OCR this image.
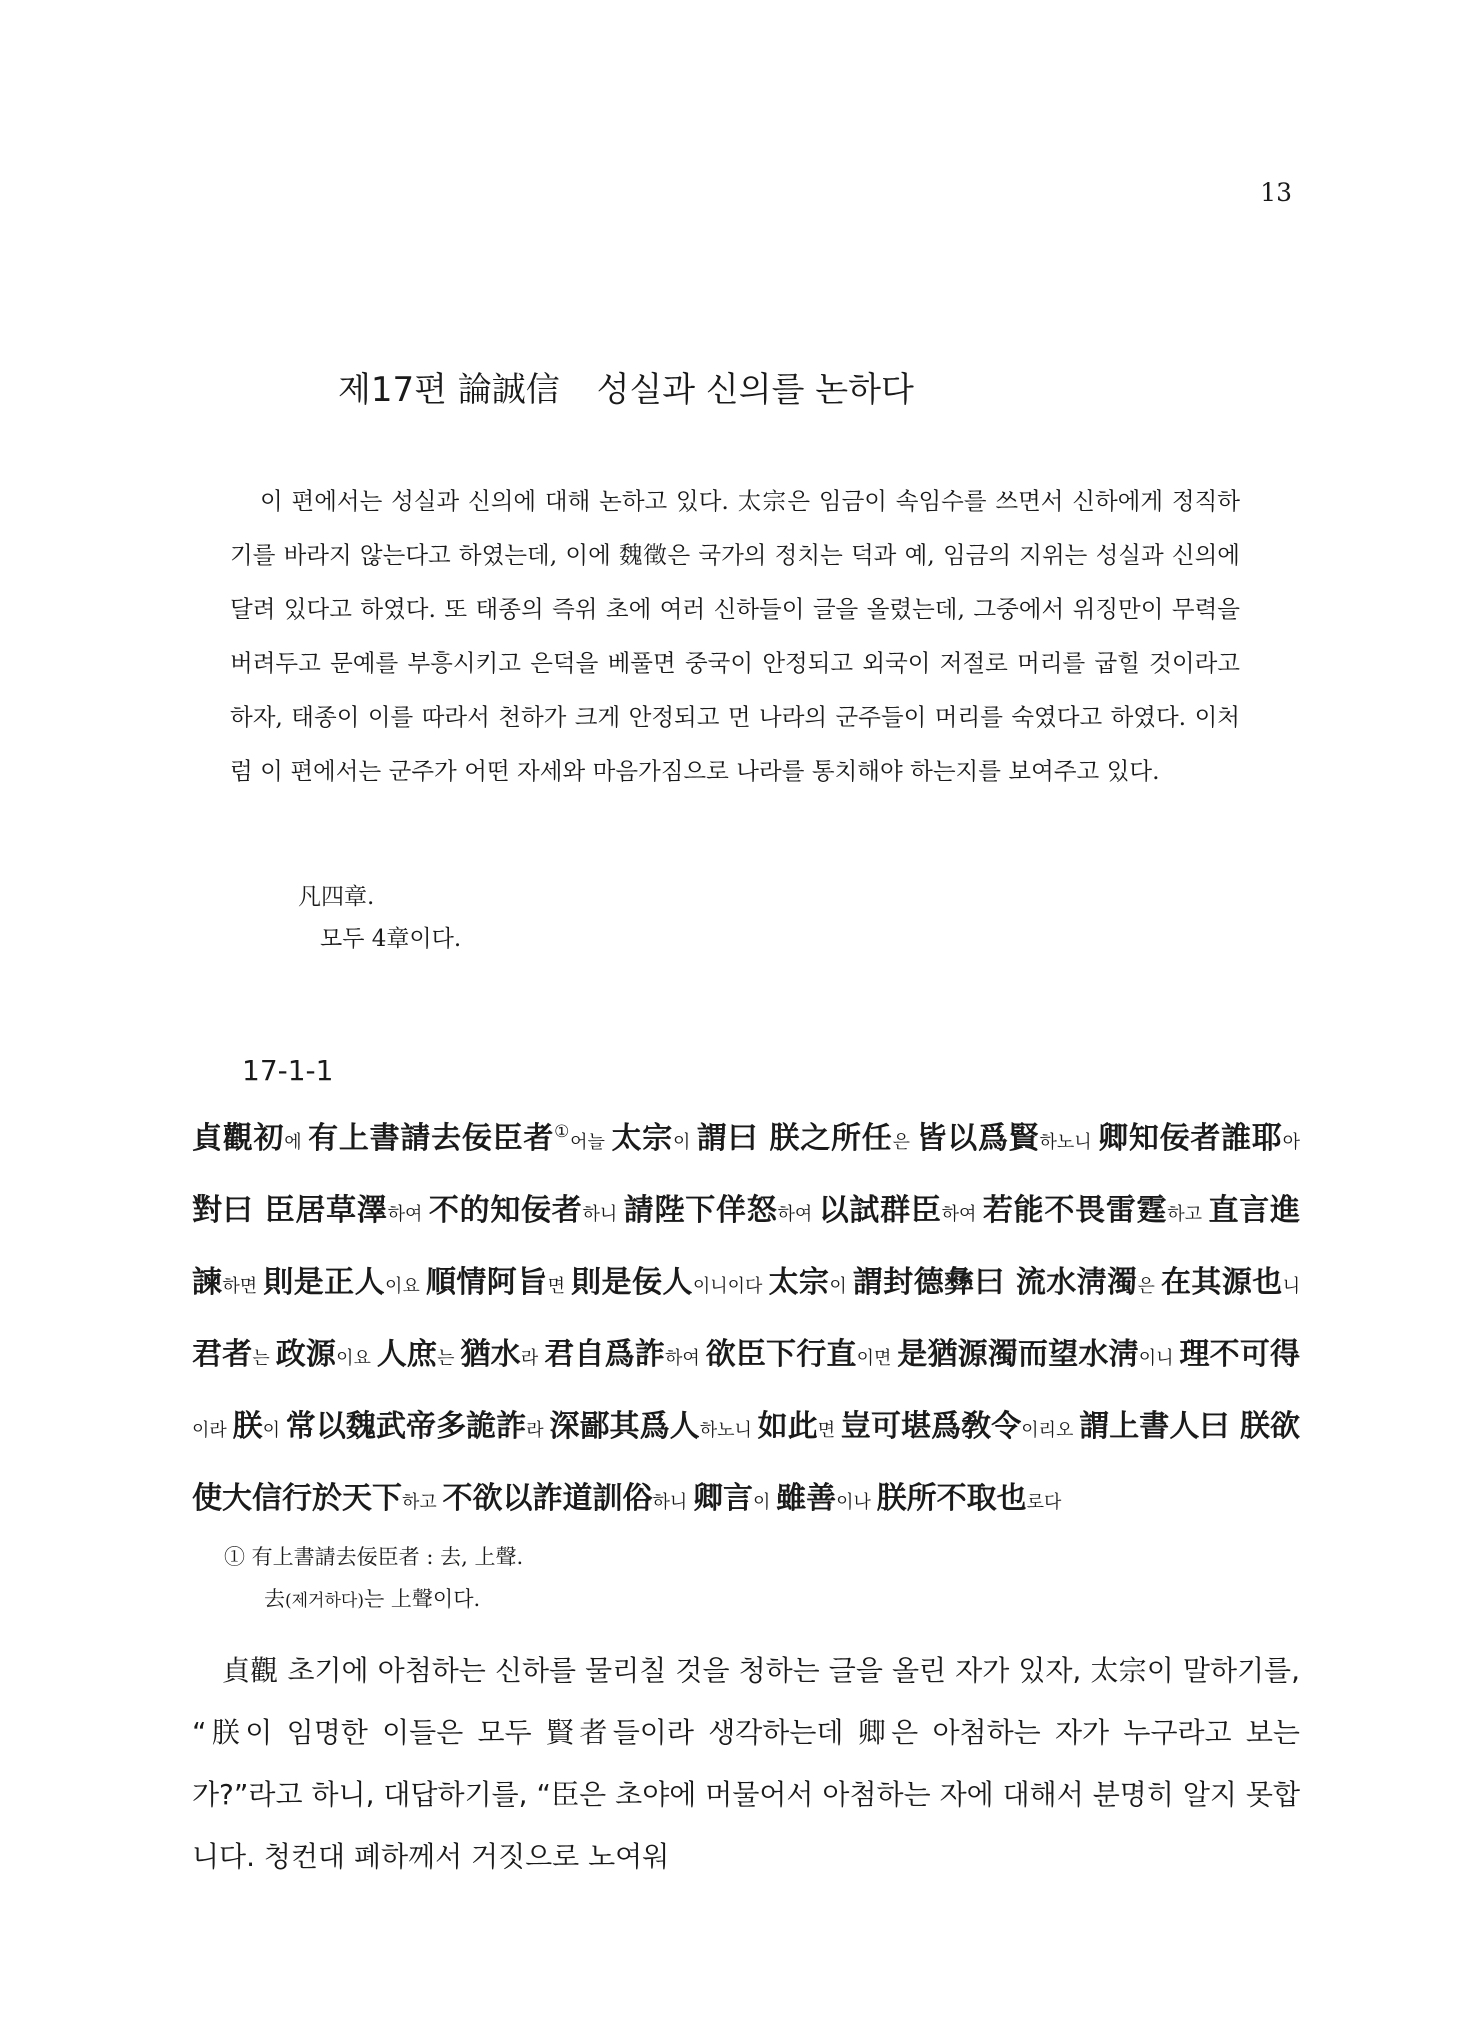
13
제17편 論誠信 성실과 신의를 논하다

이 편에서는 성실과 신의에 대해 논하고 있다. 太宗은 임금이 속임수를 쓰면서 신하에게 정직하기를 바라지 않는다고 하였는데, 이에 魏徵은 국가의 정치는 덕과 예, 임금의 지위는 성실과 신의에 달려 있다고 하였다. 또 태종의 즉위 초에 여러 신하들이 글을 올렸는데, 그중에서 위징만이 무력을 버려두고 문예를 부흥시키고 은덕을 베풀면 중국이 안정되고 외국이 저절로 머리를 굽힐 것이라고 하자, 태종이 이를 따라서 천하가 크게 안정되고 먼 나라의 군주들이 머리를 숙였다고 하였다. 이처럼 이 편에서는 군주가 어떤 자세와 마음가짐으로 나라를 통치해야 하는지를 보여주고 있다.

凡四章.
모두 4章이다.
17-1-1

貞觀初에 有上書請去佞臣者①어늘 太宗이 謂曰 朕之所任은 皆以爲賢하노니 卿知佞者誰耶아 對曰 臣居草澤하여 不的知佞者하니 請陛下佯怒하여 以試群臣하여 若能不畏雷霆하고 直言進諫하면 則是正人이요 順情阿旨면 則是佞人이니이다 太宗이 謂封德彝曰 流水淸濁은 在其源也니 君者는 政源이요 人庶는 猶水라 君自爲詐하여 欲臣下行直이면 是猶源濁而望水淸이니 理不可得이라 朕이 常以魏武帝多詭詐라 深鄙其爲人하노니 如此면 豈可堪爲敎令이리오 謂上書人曰 朕欲使大信行於天下하고 不欲以詐道訓俗하니 卿言이 雖善이나 朕所不取也로다

① 有上書請去佞臣者 : 去, 上聲.
去(제거하다)는 上聲이다.

貞觀 초기에 아첨하는 신하를 물리칠 것을 청하는 글을 올린 자가 있자, 太宗이 말하기를, “朕이 임명한 이들은 모두 賢者들이라 생각하는데 卿은 아첨하는 자가 누구라고 보는가?”라고 하니, 대답하기를, “臣은 초야에 머물어서 아첨하는 자에 대해서 분명히 알지 못합니다. 청컨대 폐하께서 거짓으로 노여워
